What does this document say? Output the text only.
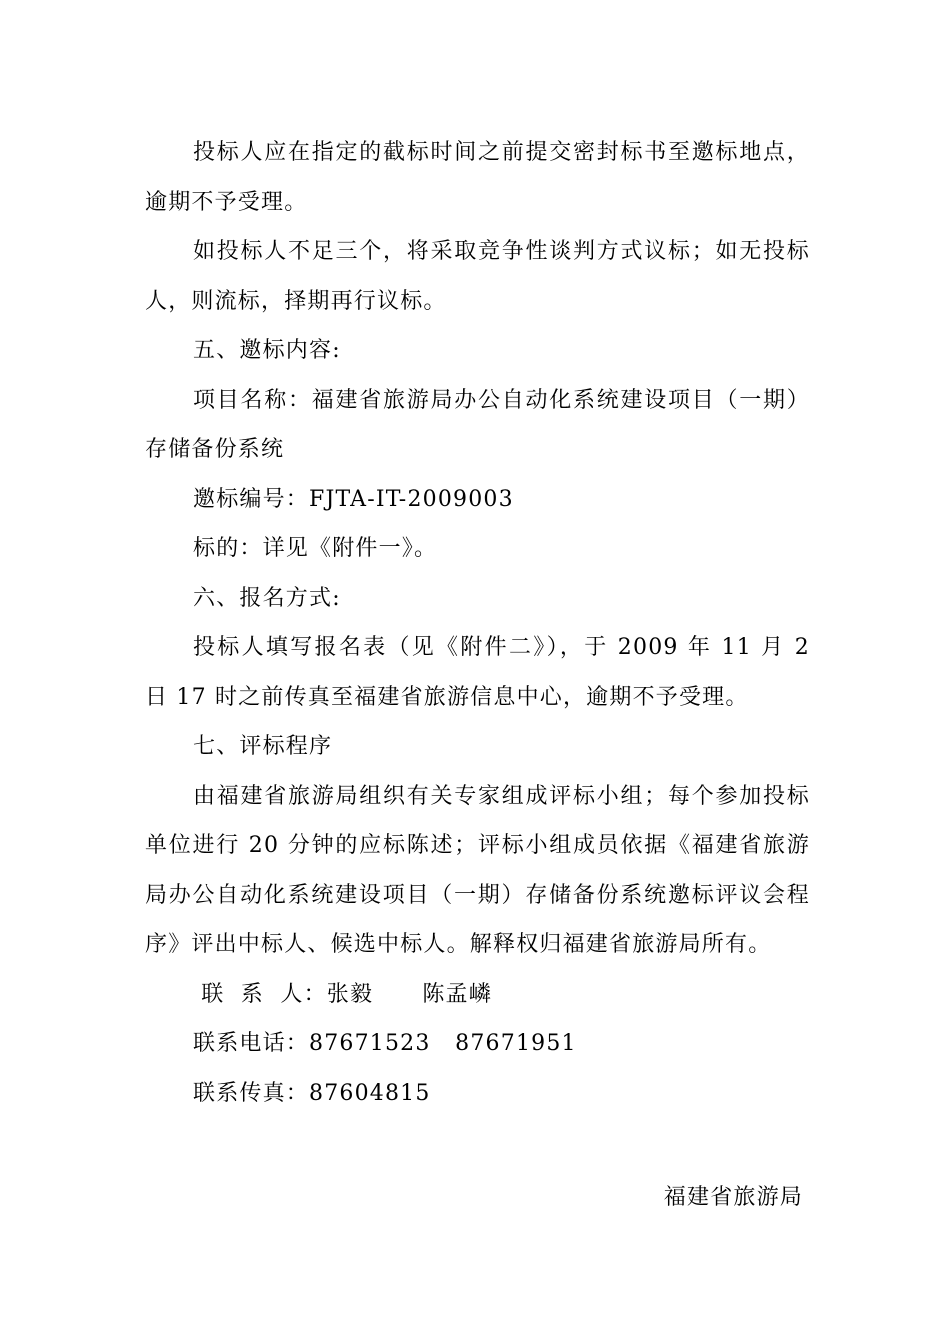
投标人应在指定的截标时间之前提交密封标书至邀标地点，逾期不予受理。

如投标人不足三个，将采取竞争性谈判方式议标；如无投标人，则流标，择期再行议标。

五、邀标内容:

项目名称：福建省旅游局办公自动化系统建设项目（一期）存储备份系统

邀标编号：FJTA-IT-2009003

标的：详见《附件一》。

六、报名方式:

投标人填写报名表（见《附件二》），于 2009 年 11 月 2 日 17 时之前传真至福建省旅游信息中心，逾期不予受理。

七、评标程序

由福建省旅游局组织有关专家组成评标小组；每个参加投标单位进行 20 分钟的应标陈述；评标小组成员依据《福建省旅游局办公自动化系统建设项目（一期）存储备份系统邀标评议会程序》评出中标人、候选中标人。解释权归福建省旅游局所有。

联  系  人：张毅      陈孟嶙

联系电话：87671523   87671951

联系传真：87604815

福建省旅游局
